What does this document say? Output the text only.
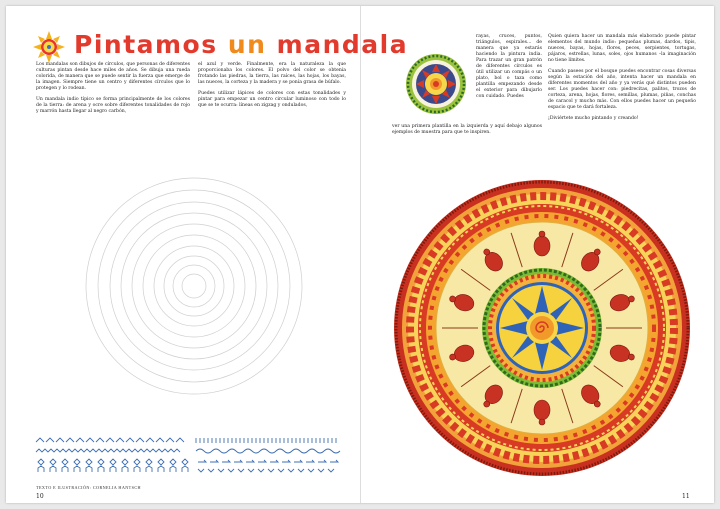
Pintamos un mandala

Los mandalas son dibujos de círculos, que personas de diferentes culturas pintan desde hace miles de años. Se dibuja una rueda colorida, de manera que se puede sentir la fuerza que emerge de la imagen. Siempre tiene un centro y diferentes círculos que lo protegen y lo rodean.

Un mandala indio típico se forma principalmente de los colores de la tierra: de arena y ocre sobre diferentes tonalidades de rojo y marrón hasta llegar al negro carbón,

el azul y verde. Finalmente, era la naturaleza la que proporcionaba los colores. El polvo del color se obtenía frotando las piedras, la tierra, las raíces, las hojas, los bayas, las nueces, la corteza y la madera y se ponía grasa de búfalo.

Puedes utilizar lápices de colores con estas tonalidades y pintar para empezar un centro circular luminoso con todo lo que se te ocurra: líneas en zigzag y ondulados,

TEXTO E ILUSTRACIÓN: CORNELIA HANTSCH
10

rayas, cruces, puntos, triángulos, espirales… de manera que ya estarás haciendo la pintura india. Para trazar un gran patrón de diferentes círculos es útil utilizar un compás o un plato, bol o taza como plantilla empezando desde el exterior para dibujarlo con cuidado. Puedes

ver una primera plantilla en la izquierda y aquí debajo algunos ejemplos de muestra para que te inspiren.

Quien quiera hacer un mandala más elaborado puede pintar elementos del mundo indio: pequeñas plumas, dardos, tipis, nueces, bayas, hojas, flores, peces, serpientes, tortugas, pájaros, estrellas, lunas, soles, ojos humanos –la imaginación no tiene límites.

Cuando pasees por el bosque puedes encontrar cosas diversas según la estación del año, intenta hacer un mandala en diferentes momentos del año y ya verás qué distintos pueden ser. Los puedes hacer con: piedrecitas, palitos, trozos de corteza, arena, hojas, flores, semillas, plumas, piñas, conchas de caracol y mucho más. Con ellos puedes hacer un pequeño espacio que te dará fortaleza.

¡Diviértete mucho pintando y creando!

11
